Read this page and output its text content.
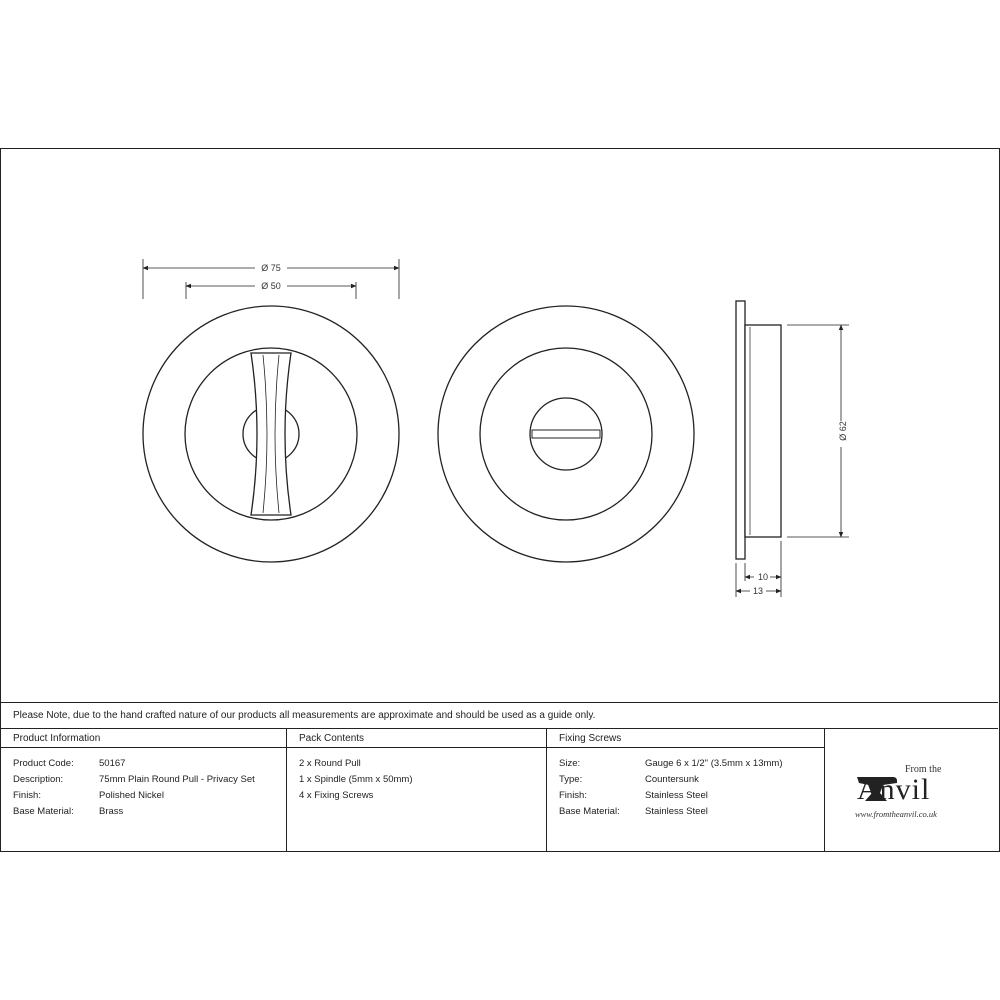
Ø 75
Ø 50
Ø 62
10
13
Please Note, due to the hand crafted nature of our products all measurements are approximate and should be used as a guide only.
Product Information
Product Code:	50167
Description:	75mm Plain Round Pull - Privacy Set
Finish:	Polished Nickel
Base Material:	Brass
Pack Contents
2 x Round Pull
1 x Spindle (5mm x 50mm)
4 x Fixing Screws
Fixing Screws
Size:	Gauge 6 x 1/2" (3.5mm x 13mm)
Type:	Countersunk
Finish:	Stainless Steel
Base Material:	Stainless Steel
From the
Anvil
www.fromtheanvil.co.uk
